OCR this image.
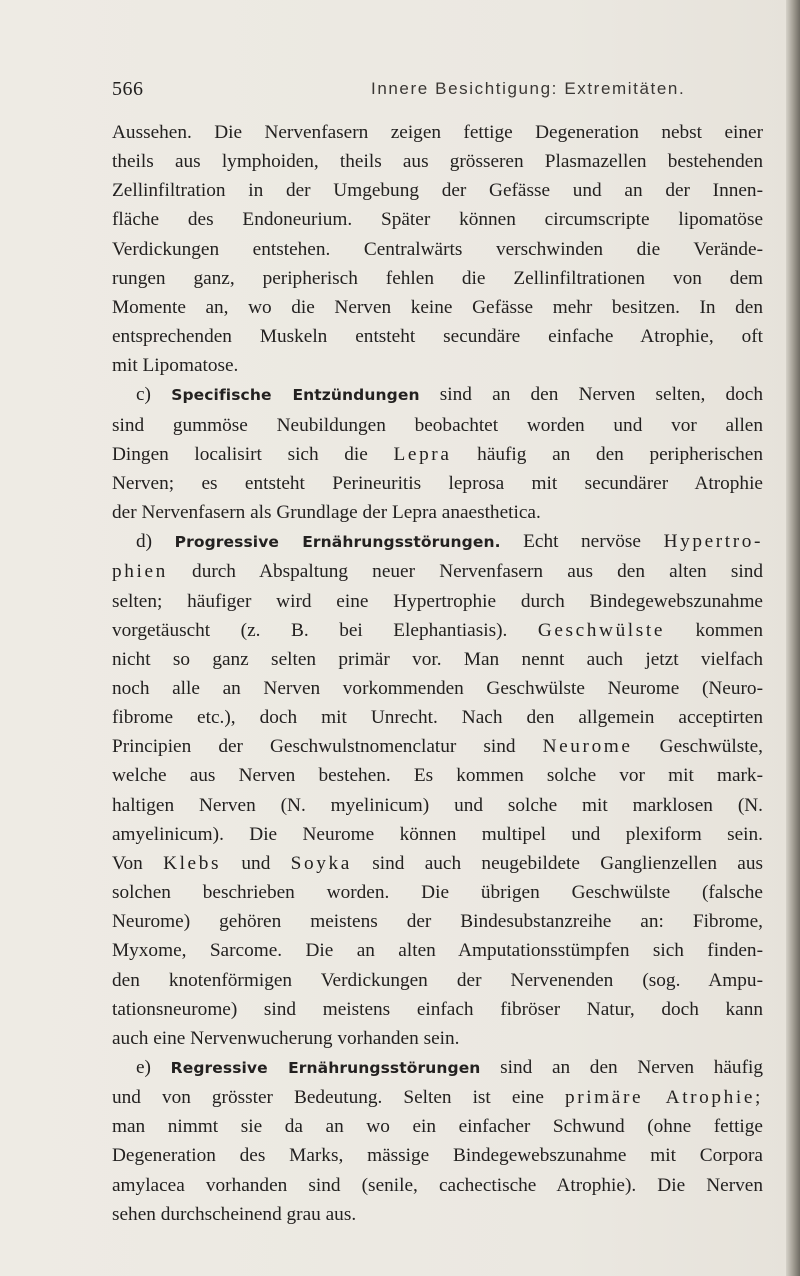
566	Innere Besichtigung: Extremitäten.
Aussehen. Die Nervenfasern zeigen fettige Degeneration nebst einer
theils aus lymphoiden, theils aus grösseren Plasmazellen bestehenden
Zellinfiltration in der Umgebung der Gefässe und an der Innen-
fläche des Endoneurium. Später können circumscripte lipomatöse
Verdickungen entstehen. Centralwärts verschwinden die Verände-
rungen ganz, peripherisch fehlen die Zellinfiltrationen von dem
Momente an, wo die Nerven keine Gefässe mehr besitzen. In den
entsprechenden Muskeln entsteht secundäre einfache Atrophie, oft
mit Lipomatose.
c) Specifische Entzündungen sind an den Nerven selten, doch
sind gummöse Neubildungen beobachtet worden und vor allen
Dingen localisirt sich die Lepra häufig an den peripherischen
Nerven; es entsteht Perineuritis leprosa mit secundärer Atrophie
der Nervenfasern als Grundlage der Lepra anaesthetica.
d) Progressive Ernährungsstörungen. Echt nervöse Hypertro-
phien durch Abspaltung neuer Nervenfasern aus den alten sind
selten; häufiger wird eine Hypertrophie durch Bindegewebszunahme
vorgetäuscht (z. B. bei Elephantiasis). Geschwülste kommen
nicht so ganz selten primär vor. Man nennt auch jetzt vielfach
noch alle an Nerven vorkommenden Geschwülste Neurome (Neuro-
fibrome etc.), doch mit Unrecht. Nach den allgemein acceptirten
Principien der Geschwulstnomenclatur sind Neurome Geschwülste,
welche aus Nerven bestehen. Es kommen solche vor mit mark-
haltigen Nerven (N. myelinicum) und solche mit marklosen (N.
amyelinicum). Die Neurome können multipel und plexiform sein.
Von Klebs und Soyka sind auch neugebildete Ganglienzellen aus
solchen beschrieben worden. Die übrigen Geschwülste (falsche
Neurome) gehören meistens der Bindesubstanzreihe an: Fibrome,
Myxome, Sarcome. Die an alten Amputationsstümpfen sich finden-
den knotenförmigen Verdickungen der Nervenenden (sog. Ampu-
tationsneurome) sind meistens einfach fibröser Natur, doch kann
auch eine Nervenwucherung vorhanden sein.
e) Regressive Ernährungsstörungen sind an den Nerven häufig
und von grösster Bedeutung. Selten ist eine primäre Atrophie;
man nimmt sie da an wo ein einfacher Schwund (ohne fettige
Degeneration des Marks, mässige Bindegewebszunahme mit Corpora
amylacea vorhanden sind (senile, cachectische Atrophie). Die Nerven
sehen durchscheinend grau aus.
